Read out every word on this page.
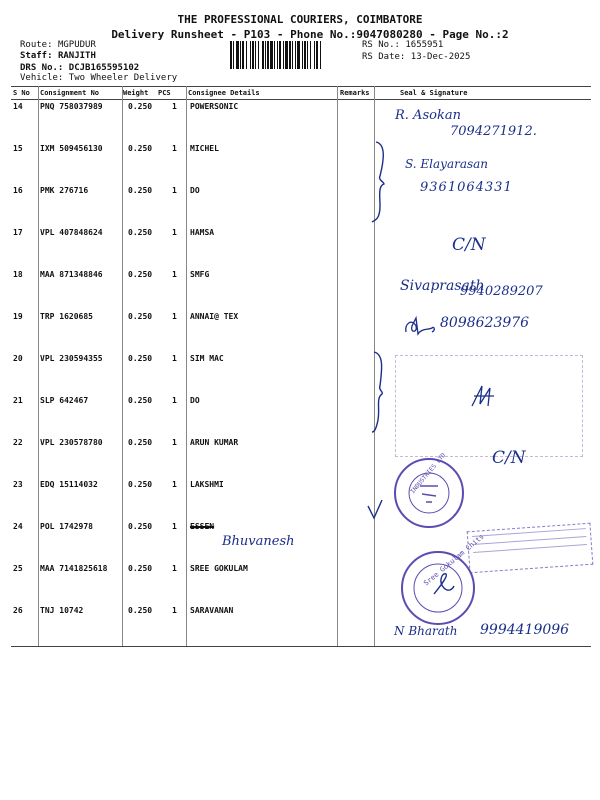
THE PROFESSIONAL COURIERS, COIMBATORE
Delivery Runsheet - P103 - Phone No.:9047080280 - Page No.:2
Route: MGPUDUR
Staff: RANJITH
DRS No.: DCJB165595102
RS No.: 1655951
RS Date: 13-Dec-2025
Vehicle: Two Wheeler Delivery
S No Consignment No	Weight PCS Consignee Details	Remarks	Seal & Signature
14 PNQ 758037989	0.250 1 POWERSONIC
15 IXM 509456130	0.250 1 MICHEL
16 PMK 276716	0.250 1 DO
17 VPL 407848624	0.250 1 HAMSA
18 MAA 871348846	0.250 1 SMFG
19 TRP 1620685	0.250 1 ANNAI@ TEX
20 VPL 230594355	0.250 1 SIM MAC
21 SLP 642467	0.250 1 DO
22 VPL 230578780	0.250 1 ARUN KUMAR
23 EDQ 15114032	0.250 1 LAKSHMI
24 POL 1742978	0.250 1 ESSEN
25 MAA 7141825618	0.250 1 SREE GOKULAM
26 TNJ 10742	0.250 1 SARAVANAN
R. Asokan
7094271912.
S. Elayarasan
9361064331
C/N
Sivaprasath
9940289207
8098623976
C/N
INDUSTRIES LTD
Bhuvanesh	Sree Gokulam Chits
N Bharath 9994419096
